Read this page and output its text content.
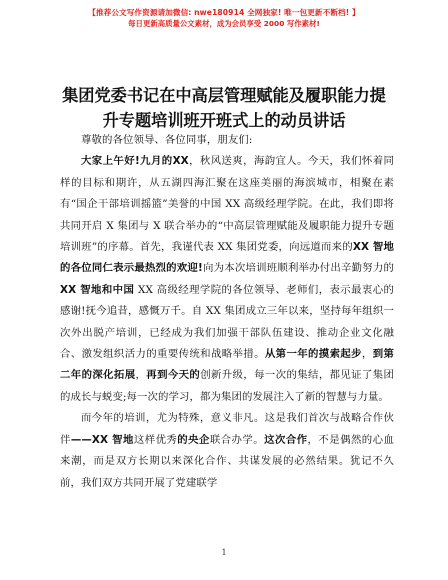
【推荐公文写作资源请加微信: nwe180914 全网独家! 唯一包更新不断档! 】
每日更新高质量公文素材，成为会员享受 2000 写作素材!
集团党委书记在中高层管理赋能及履职能力提
升专题培训班开班式上的动员讲话

尊敬的各位领导、各位同事，朋友们:

大家上午好!九月的XX，秋风送爽，海韵宜人。今天，我们怀着同样的目标和期许，从五湖四海汇聚在这座美丽的海滨城市，相聚在素有“国企干部培训摇篮”美誉的中国 XX 高级经理学院。在此，我们即将共同开启 X 集团与 X 联合举办的“中高层管理赋能及履职能力提升专题培训班”的序幕。首先，我谨代表 XX 集团党委，向远道而来的XX 智地的各位同仁表示最热烈的欢迎!向为本次培训班顺利举办付出辛勤努力的 XX 智地和中国 XX 高级经理学院的各位领导、老师们，表示最衷心的感谢!抚今追昔，感慨万千。自 XX 集团成立三年以来，坚持每年组织一次外出脱产培训，已经成为我们加强干部队伍建设、推动企业文化融合、激发组织活力的重要传统和战略举措。从第一年的摸索起步，到第二年的深化拓展，再到今天的创新升级，每一次的集结，都见证了集团的成长与蜕变;每一次的学习，都为集团的发展注入了新的智慧与力量。

而今年的培训，尤为特殊，意义非凡。这是我们首次与战略合作伙伴——XX 智地这样优秀的央企联合办学。这次合作，不是偶然的心血来潮，而是双方长期以来深化合作、共谋发展的必然结果。犹记不久前，我们双方共同开展了党建联学

1
